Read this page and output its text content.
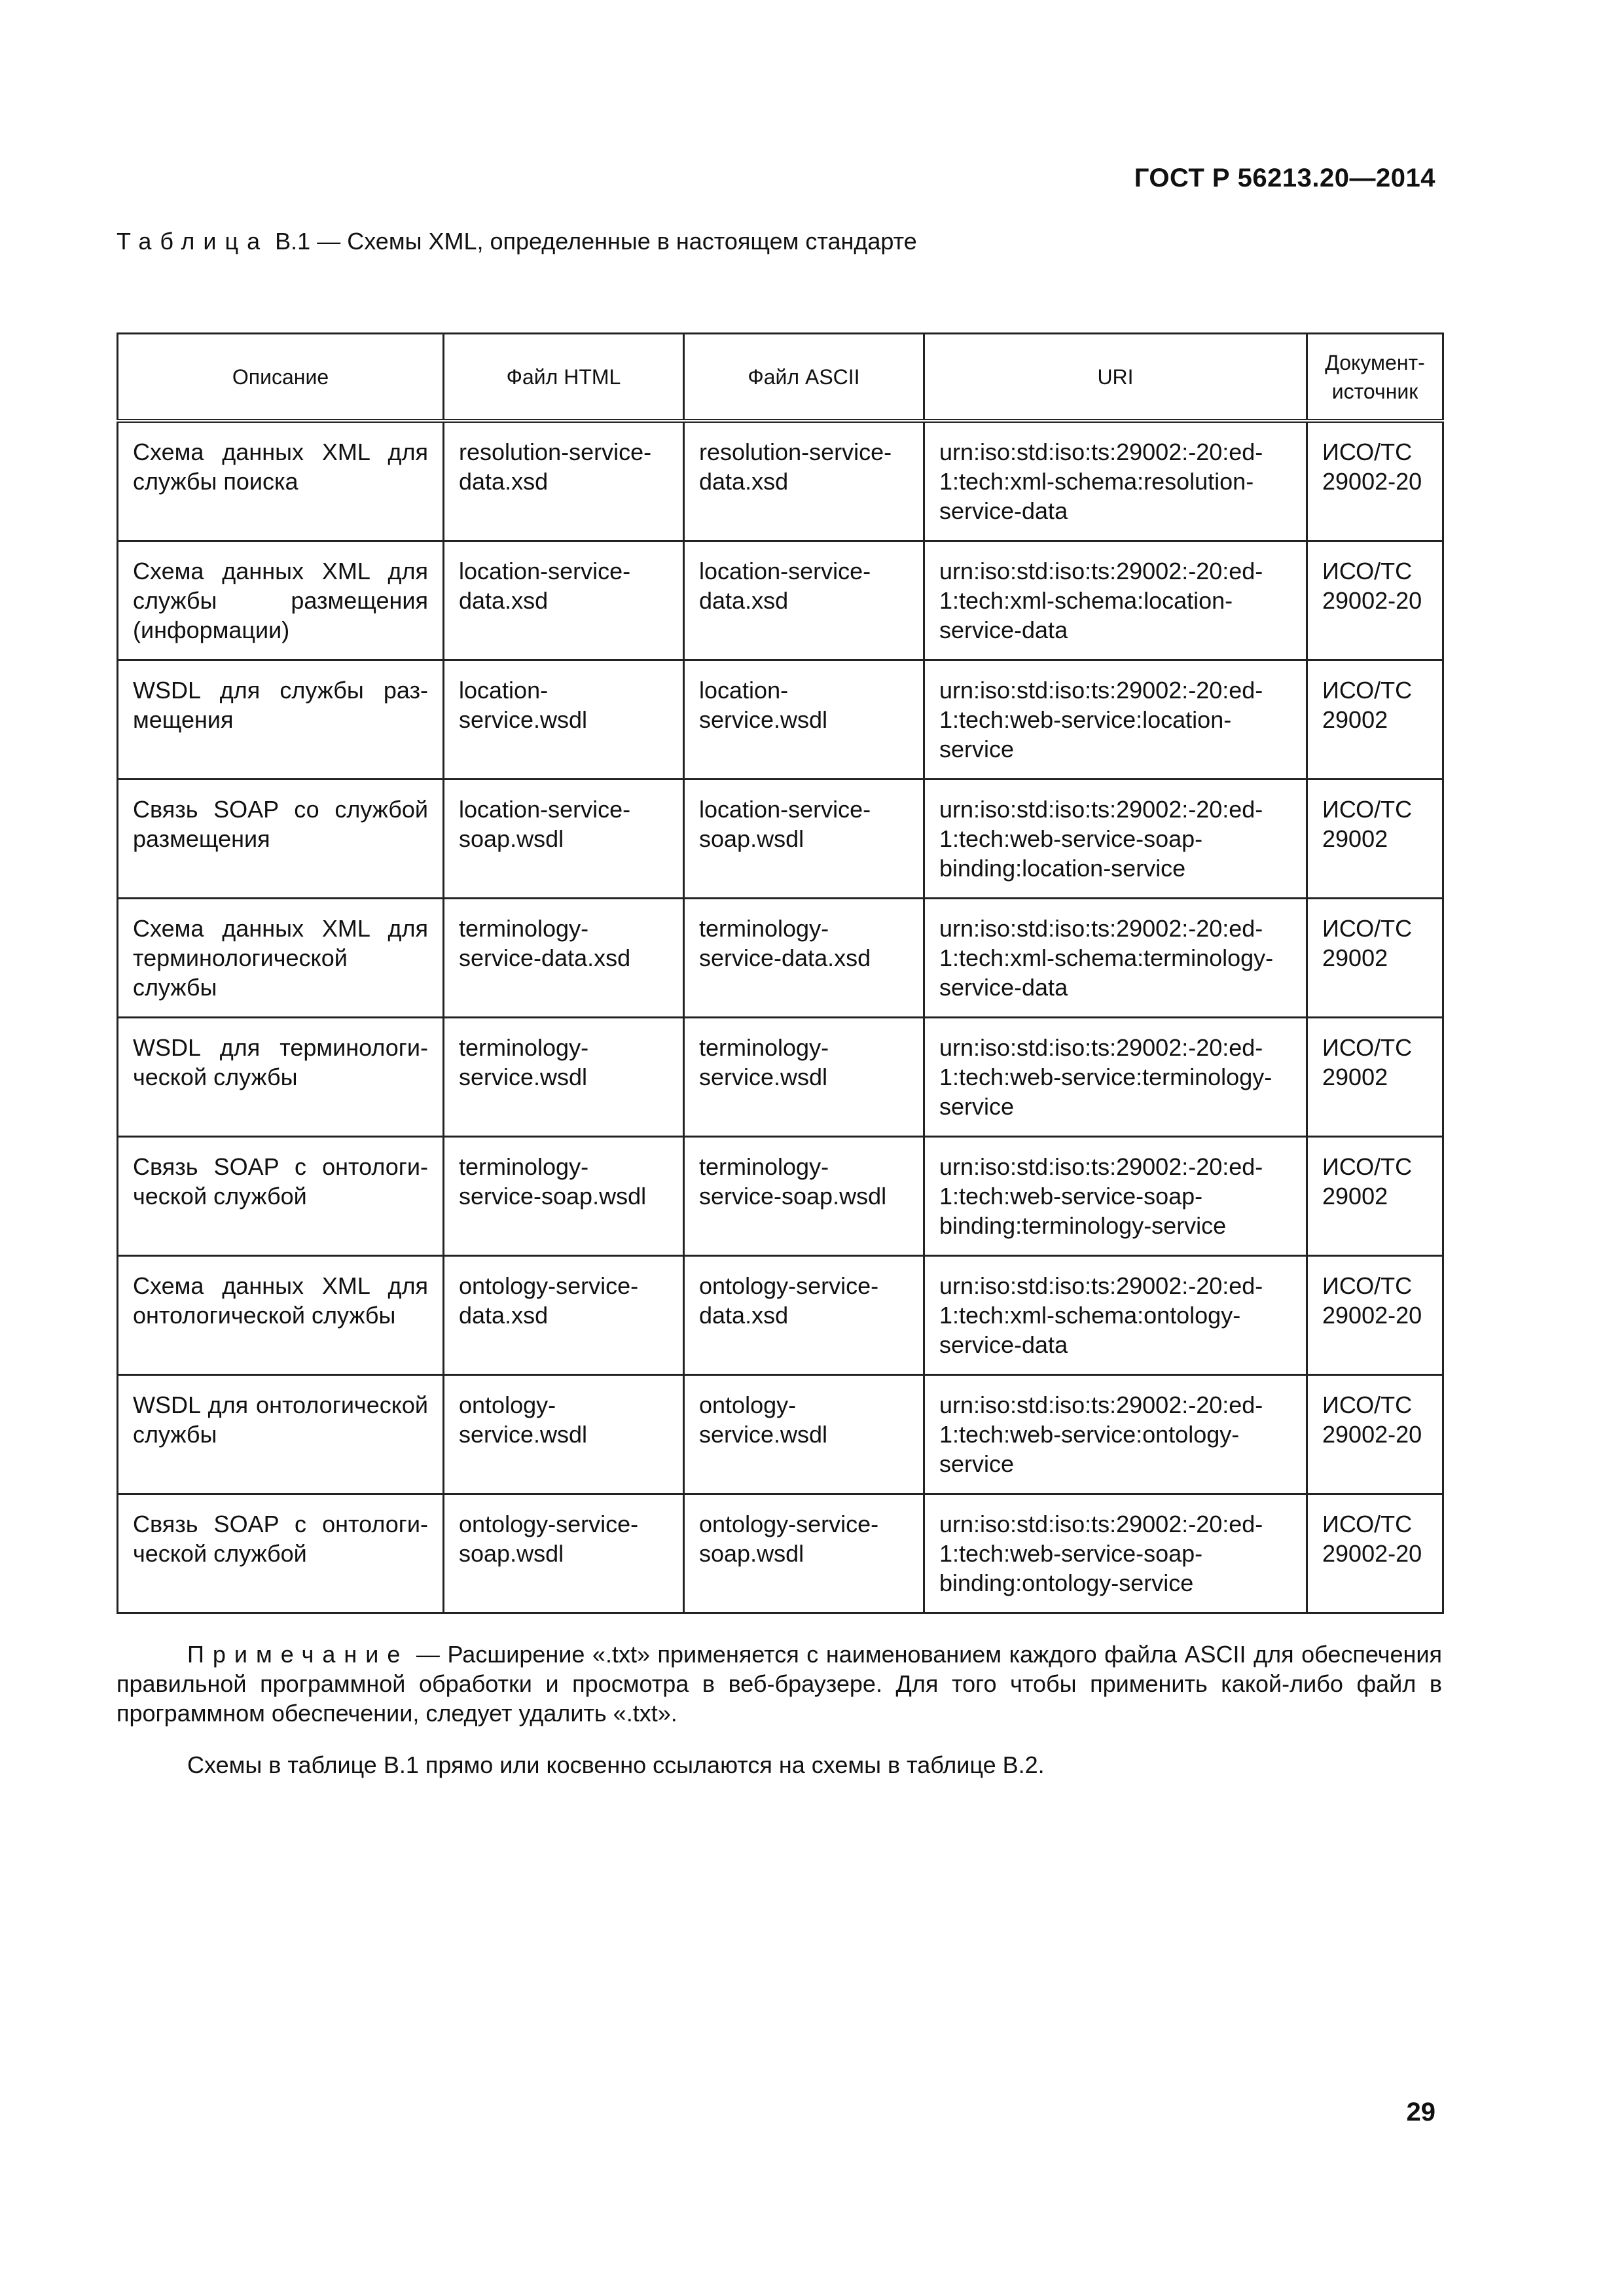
ГОСТ Р 56213.20—2014
Таблица В.1 — Схемы XML, определенные в настоящем стандарте
Описание	Файл HTML	Файл ASCII	URI	Документ-источник
Схема данных XML для службы поиска	resolution-service-data.xsd	resolution-service-data.xsd	urn:iso:std:iso:ts:29002:-20:ed-1:tech:xml-schema:resolution-service-data	ИСО/ТС 29002-20
Схема данных XML для службы размещения (информации)	location-service-data.xsd	location-service-data.xsd	urn:iso:std:iso:ts:29002:-20:ed-1:tech:xml-schema:location-service-data	ИСО/ТС 29002-20
WSDL для службы размещения	location-service.wsdl	location-service.wsdl	urn:iso:std:iso:ts:29002:-20:ed-1:tech:web-service:location-service	ИСО/ТС 29002
Связь SOAP со службой размещения	location-service-soap.wsdl	location-service-soap.wsdl	urn:iso:std:iso:ts:29002:-20:ed-1:tech:web-service-soap-binding:location-service	ИСО/ТС 29002
Схема данных XML для терминологической службы	terminology-service-data.xsd	terminology-service-data.xsd	urn:iso:std:iso:ts:29002:-20:ed-1:tech:xml-schema:terminology-service-data	ИСО/ТС 29002
WSDL для терминологической службы	terminology-service.wsdl	terminology-service.wsdl	urn:iso:std:iso:ts:29002:-20:ed-1:tech:web-service:terminology-service	ИСО/ТС 29002
Связь SOAP с онтологической службой	terminology-service-soap.wsdl	terminology-service-soap.wsdl	urn:iso:std:iso:ts:29002:-20:ed-1:tech:web-service-soap-binding:terminology-service	ИСО/ТС 29002
Схема данных XML для онтологической службы	ontology-service-data.xsd	ontology-service-data.xsd	urn:iso:std:iso:ts:29002:-20:ed-1:tech:xml-schema:ontology-service-data	ИСО/ТС 29002-20
WSDL для онтологической службы	ontology-service.wsdl	ontology-service.wsdl	urn:iso:std:iso:ts:29002:-20:ed-1:tech:web-service:ontology-service	ИСО/ТС 29002-20
Связь SOAP с онтологической службой	ontology-service-soap.wsdl	ontology-service-soap.wsdl	urn:iso:std:iso:ts:29002:-20:ed-1:tech:web-service-soap-binding:ontology-service	ИСО/ТС 29002-20
Примечание — Расширение «.txt» применяется с наименованием каждого файла ASCII для обеспечения правильной программной обработки и просмотра в веб-браузере. Для того чтобы применить какой-либо файл в программном обеспечении, следует удалить «.txt».
Схемы в таблице В.1 прямо или косвенно ссылаются на схемы в таблице В.2.
29
